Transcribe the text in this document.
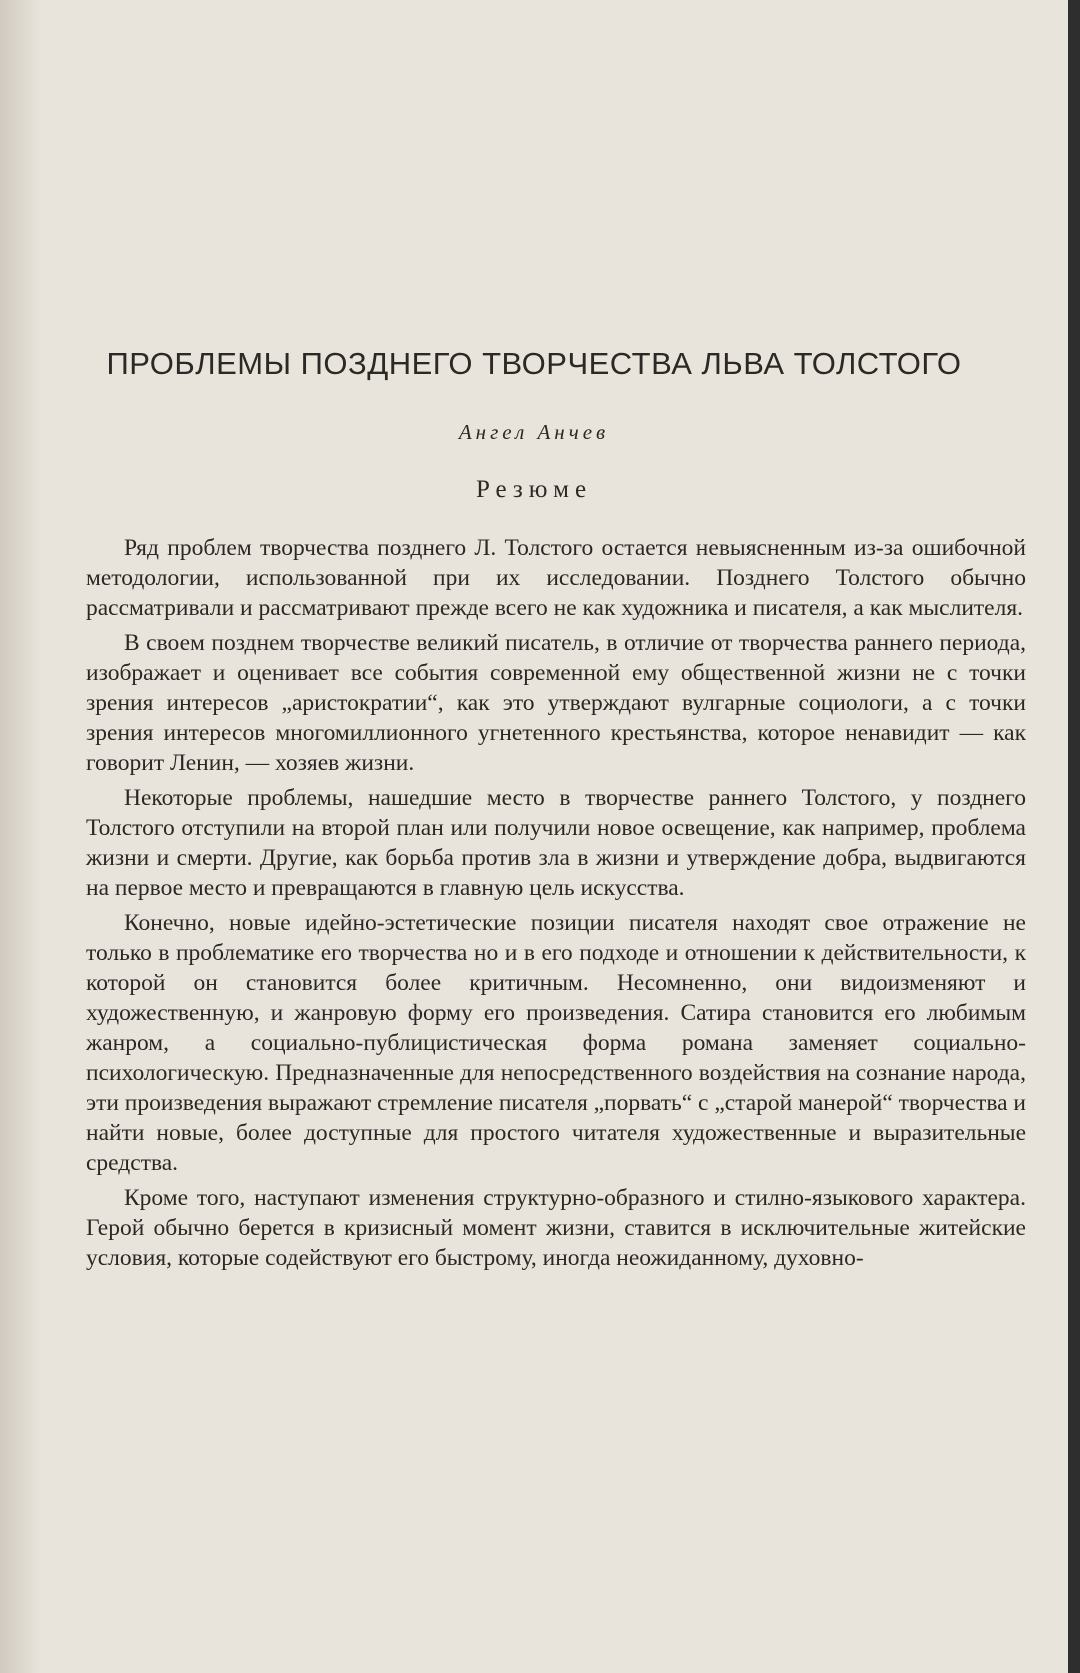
ПРОБЛЕМЫ ПОЗДНЕГО ТВОРЧЕСТВА ЛЬВА ТОЛСТОГО
Ангел Анчев
Резюме

Ряд проблем творчества позднего Л. Толстого остается невыясненным из-за ошибочной методологии, использованной при их исследовании. Позднего Толстого обычно рассматривали и рассматривают прежде всего не как художника и писателя, а как мыслителя.

В своем позднем творчестве великий писатель, в отличие от творчества раннего периода, изображает и оценивает все события современной ему общественной жизни не с точки зрения интересов „аристократии“, как это утверждают вулгарные социологи, а с точки зрения интересов многомиллионного угнетенного крестьянства, которое ненавидит — как говорит Ленин, — хозяев жизни.

Некоторые проблемы, нашедшие место в творчестве раннего Толстого, у позднего Толстого отступили на второй план или получили новое освещение, как например, проблема жизни и смерти. Другие, как борьба против зла в жизни и утверждение добра, выдвигаются на первое место и превращаются в главную цель искусства.

Конечно, новые идейно-эстетические позиции писателя находят свое отражение не только в проблематике его творчества но и в его подходе и отношении к действительности, к которой он становится более критичным. Несомненно, они видоизменяют и художественную, и жанровую форму его произведения. Сатира становится его любимым жанром, а социально-публицистическая форма романа заменяет социально-психологическую. Предназначенные для непосредственного воздействия на сознание народа, эти произведения выражают стремление писателя „порвать“ с „старой манерой“ творчества и найти новые, более доступные для простого читателя художественные и выразительные средства.

Кроме того, наступают изменения структурно-образного и стилно-языкового характера. Герой обычно берется в кризисный момент жизни, ставится в исключительные житейские условия, которые содействуют его быстрому, иногда неожиданному, духовно-
